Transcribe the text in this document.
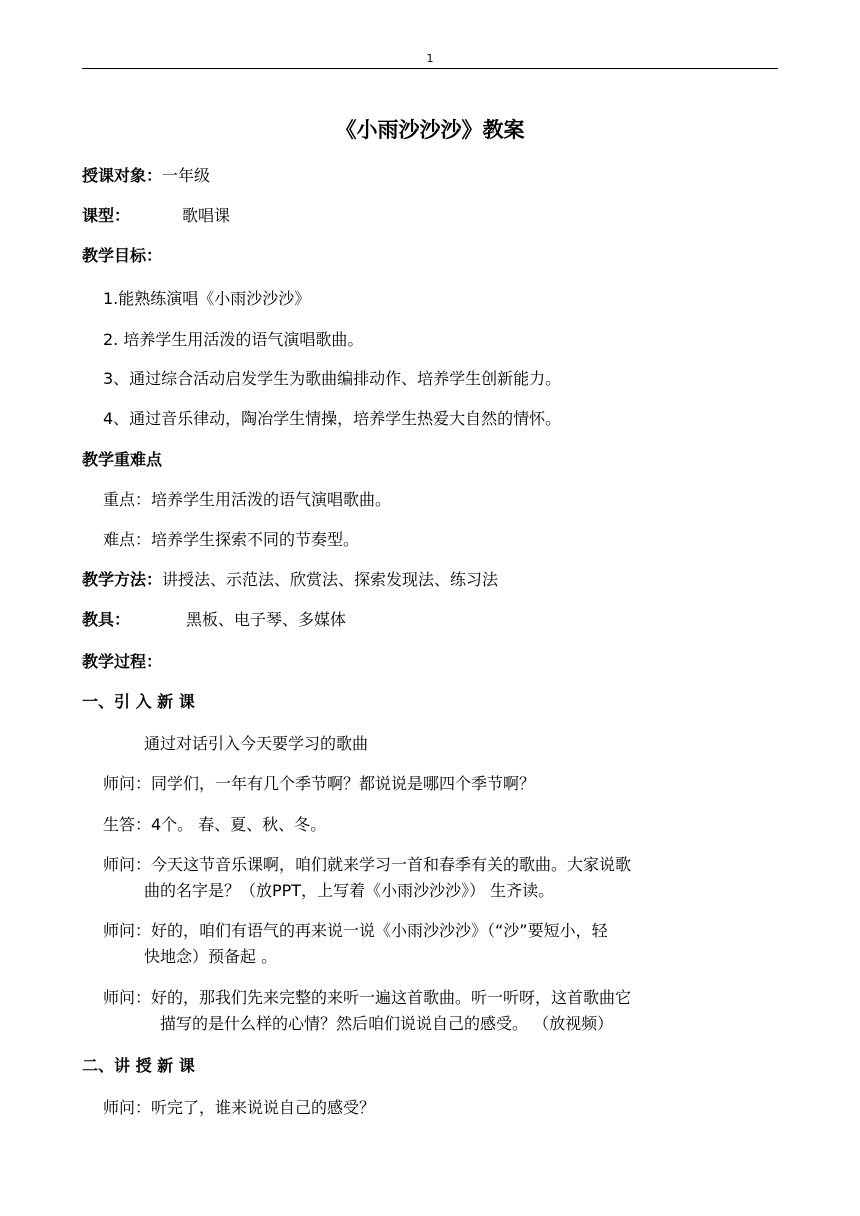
1
《小雨沙沙沙》教案
授课对象：一年级
课型：	歌唱课
教学目标：
1.能熟练演唱《小雨沙沙沙》
2. 培养学生用活泼的语气演唱歌曲。
3、通过综合活动启发学生为歌曲编排动作、培养学生创新能力。
4、通过音乐律动，陶冶学生情操，培养学生热爱大自然的情怀。
教学重难点
重点：培养学生用活泼的语气演唱歌曲。
难点：培养学生探索不同的节奏型。
教学方法：讲授法、示范法、欣赏法、探索发现法、练习法
教具：	黑板、电子琴、多媒体
教学过程：
一、引 入 新 课
通过对话引入今天要学习的歌曲
师问：同学们，一年有几个季节啊？都说说是哪四个季节啊？
生答：4个。 春、夏、秋、冬。
师问：今天这节音乐课啊，咱们就来学习一首和春季有关的歌曲。大家说歌
曲的名字是？（放PPT，上写着《小雨沙沙沙》） 生齐读。
师问：好的，咱们有语气的再来说一说《小雨沙沙沙》（“沙”要短小，轻
快地念）预备起 。
师问：好的，那我们先来完整的来听一遍这首歌曲。听一听呀，这首歌曲它
描写的是什么样的心情？然后咱们说说自己的感受。 （放视频）
二、讲 授 新 课
师问：听完了，谁来说说自己的感受？
